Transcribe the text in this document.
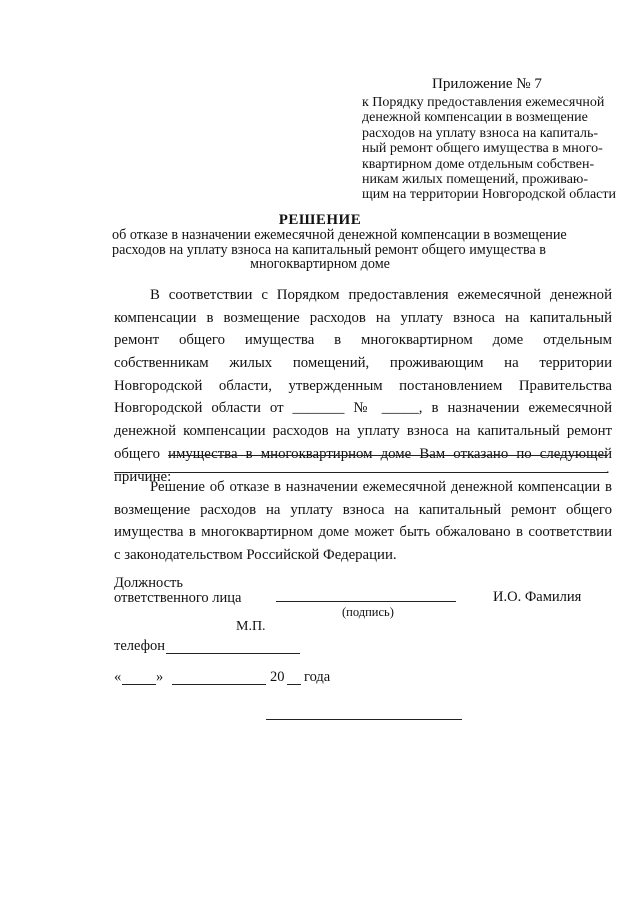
Приложение № 7
к Порядку предоставления ежемесячной
денежной компенсации в возмещение
расходов на уплату взноса на капиталь-
ный ремонт общего имущества в много-
квартирном доме отдельным собствен-
никам жилых помещений, проживаю-
щим на территории Новгородской области
РЕШЕНИЕ
об отказе в назначении ежемесячной денежной компенсации в возмещение
расходов на уплату взноса на капитальный ремонт общего имущества в
многоквартирном доме
В соответствии с Порядком предоставления ежемесячной денежной
компенсации в возмещение расходов на уплату взноса на капитальный
ремонт общего имущества в многоквартирном доме отдельным
собственникам жилых помещений, проживающим на территории
Новгородской области, утвержденным постановлением Правительства
Новгородской области от _______ № _____, в назначении ежемесячной
денежной компенсации расходов на уплату взноса на капитальный ремонт
общего имущества в многоквартирном доме Вам отказано по следующей
причине:	.
Решение об отказе в назначении ежемесячной денежной компенсации в
возмещение расходов на уплату взноса на капитальный ремонт общего
имущества в многоквартирном доме может быть обжаловано в соответствии
с законодательством Российской Федерации.
Должность
ответственного лица
(подпись)
И.О. Фамилия
М.П.
телефон
« »	20 года
